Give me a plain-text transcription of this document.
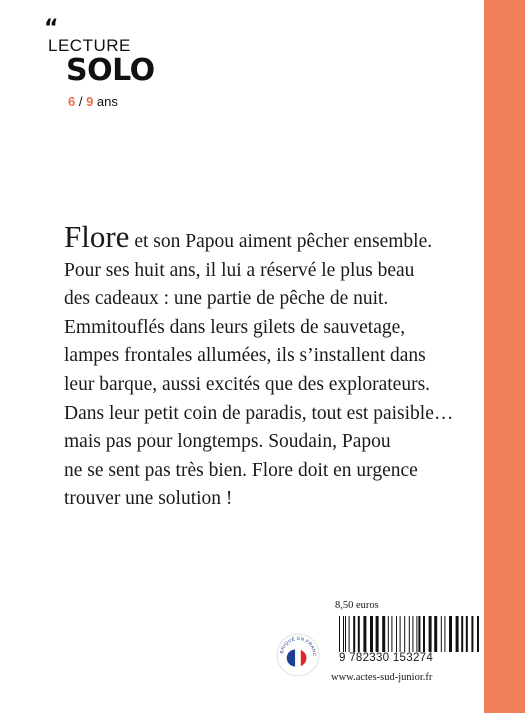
“
LECTURE
SOLO
6 / 9 ans
Flore et son Papou aiment pêcher ensemble.
Pour ses huit ans, il lui a réservé le plus beau
des cadeaux : une partie de pêche de nuit.
Emmitouflés dans leurs gilets de sauvetage,
lampes frontales allumées, ils s’installent dans
leur barque, aussi excités que des explorateurs.
Dans leur petit coin de paradis, tout est paisible…
mais pas pour longtemps. Soudain, Papou
ne se sent pas très bien. Flore doit en urgence
trouver une solution !
8,50 euros
9 782330 153274
www.actes-sud-junior.fr
BRIQUÉ EN FRANC
